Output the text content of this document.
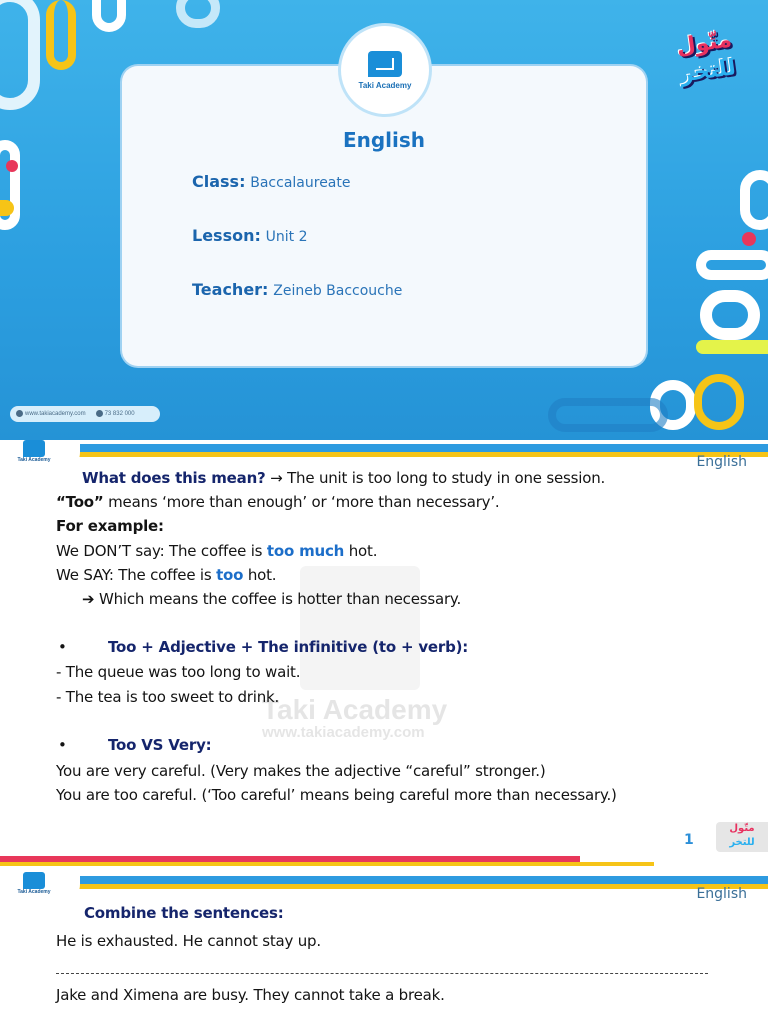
Taki Academy
English
Class: Baccalaureate
Lesson: Unit 2
Teacher: Zeineb Baccouche
متّول
للتخر
www.takiacademy.com	73 832 000
Taki Academy	English
Taki Academy
www.takiacademy.com
What does this mean? → The unit is too long to study in one session.
“Too” means ‘more than enough’ or ‘more than necessary’.
For example:
We DON’T say: The coffee is too much hot.
We SAY: The coffee is too hot.
➔ Which means the coffee is hotter than necessary.
•	Too + Adjective + The infinitive (to + verb):
- The queue was too long to wait.
- The tea is too sweet to drink.
•	Too VS Very:
You are very careful. (Very makes the adjective “careful” stronger.)
You are too careful. (‘Too careful’ means being careful more than necessary.)
1
متّول
للتخر
Taki Academy	English
Combine the sentences:
He is exhausted. He cannot stay up.
Jake and Ximena are busy. They cannot take a break.
